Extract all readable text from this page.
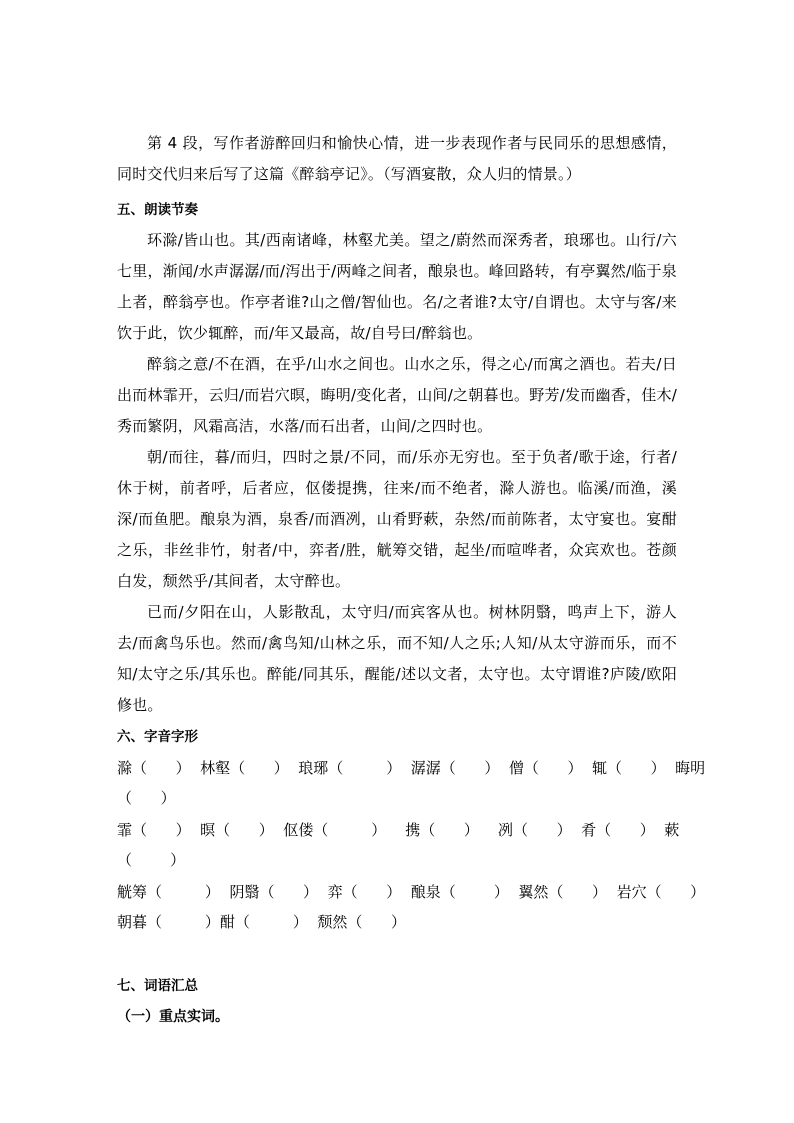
第 4 段，写作者游醉回归和愉快心情，进一步表现作者与民同乐的思想感情，同时交代归来后写了这篇《醉翁亭记》。（写酒宴散，众人归的情景。）

五、朗读节奏

环滁/皆山也。其/西南诸峰，林壑尤美。望之/蔚然而深秀者，琅琊也。山行/六七里，渐闻/水声潺潺/而/泻出于/两峰之间者，酿泉也。峰回路转，有亭翼然/临于泉上者，醉翁亭也。作亭者谁?山之僧/智仙也。名/之者谁?太守/自谓也。太守与客/来饮于此，饮少辄醉，而/年又最高，故/自号曰/醉翁也。

醉翁之意/不在酒，在乎/山水之间也。山水之乐，得之心/而寓之酒也。若夫/日出而林霏开，云归/而岩穴暝，晦明/变化者，山间/之朝暮也。野芳/发而幽香，佳木/秀而繁阴，风霜高洁，水落/而石出者，山间/之四时也。

朝/而往，暮/而归，四时之景/不同，而/乐亦无穷也。至于负者/歌于途，行者/休于树，前者呼，后者应，伛偻提携，往来/而不绝者，滁人游也。临溪/而渔，溪深/而鱼肥。酿泉为酒，泉香/而酒冽，山肴野蔌，杂然/而前陈者，太守宴也。宴酣之乐，非丝非竹，射者/中，弈者/胜，觥筹交错，起坐/而喧哗者，众宾欢也。苍颜白发，颓然乎/其间者，太守醉也。

已而/夕阳在山，人影散乱，太守归/而宾客从也。树林阴翳，鸣声上下，游人去/而禽鸟乐也。然而/禽鸟知/山林之乐，而不知/人之乐;人知/从太守游而乐，而不知/太守之乐/其乐也。醉能/同其乐，醒能/述以文者，太守也。太守谓谁?庐陵/欧阳修也。

六、字音字形

滁（      ）  林壑（      ）  琅琊（         ）  潺潺（      ）  僧（      ）  辄（      ）  晦明

（      ）

霏（      ）  暝（      ）  伛偻（         ）    携（      ）    冽（      ）  肴（      ）  蔌

（        ）

觥筹（         ）  阴翳（      ）  弈（      ）  酿泉（        ）  翼然（      ）  岩穴（      ）

朝暮（         ）酣（         ）  颓然（      ）

七、词语汇总

（一）重点实词。
